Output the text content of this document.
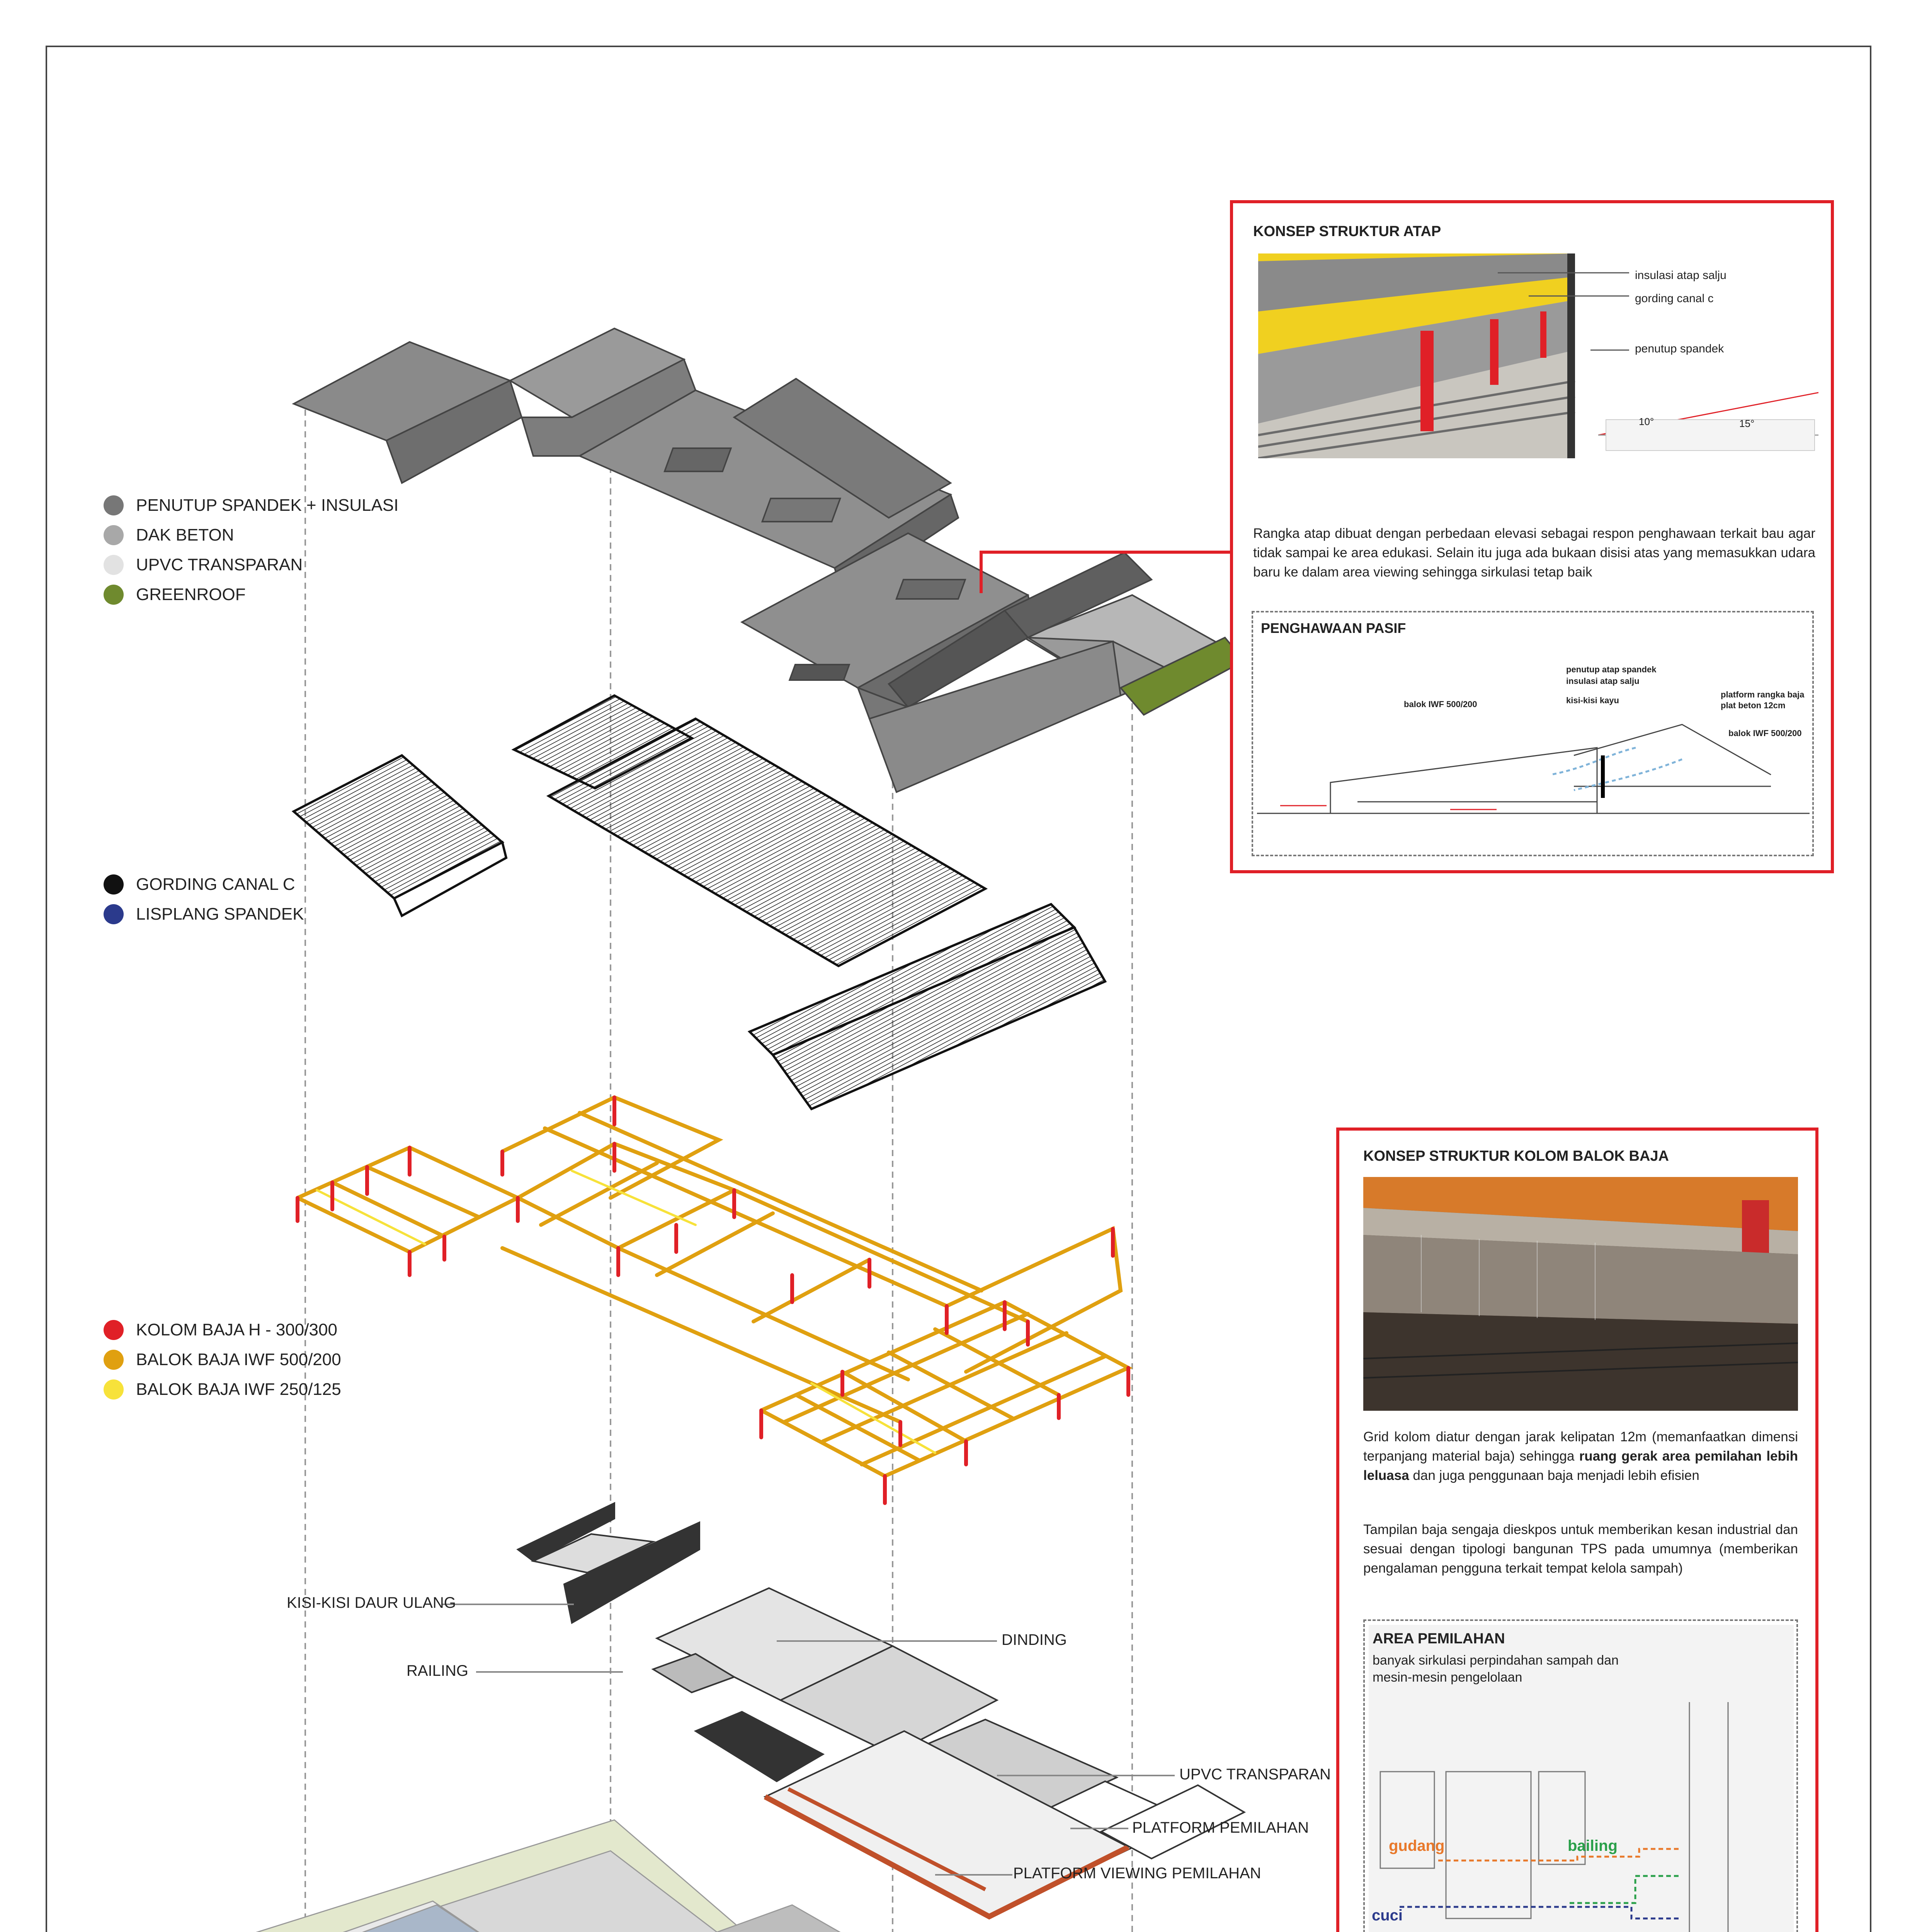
PENUTUP SPANDEK + INSULASI
DAK BETON
UPVC TRANSPARAN
GREENROOF
GORDING CANAL C
LISPLANG SPANDEK
KOLOM BAJA H - 300/300
BALOK BAJA IWF 500/200
BALOK BAJA IWF 250/125
KISI-KISI DAUR ULANG
RAILING
DINDING
UPVC TRANSPARAN
PLATFORM PEMILAHAN
PLATFORM VIEWING PEMILAHAN
KONSEP STRUKTUR ATAP
insulasi atap salju
gording canal c
penutup spandek
10°	15°
Rangka atap dibuat dengan perbedaan elevasi sebagai respon penghawaan terkait bau agar tidak sampai ke area edukasi. Selain itu juga ada bukaan disisi atas yang memasukkan udara baru ke dalam area viewing sehingga sirkulasi tetap baik
PENGHAWAAN PASIF
penutup atap spandek
insulasi atap salju
kisi-kisi kayu
platform rangka baja
plat beton 12cm
balok IWF 500/200
balok IWF 500/200
KONSEP STRUKTUR KOLOM BALOK BAJA
Grid kolom diatur dengan jarak kelipatan 12m (memanfaatkan dimensi terpanjang material baja) sehingga ruang gerak area pemilahan lebih leluasa dan juga penggunaan baja menjadi lebih efisien
Tampilan baja sengaja dieskpos untuk memberikan kesan industrial dan sesuai dengan tipologi bangunan TPS pada umumnya (memberikan pengalaman pengguna terkait tempat kelola sampah)
AREA PEMILAHAN
banyak sirkulasi perpindahan sampah dan mesin-mesin pengelolaan
gudang	bailing
cuci
